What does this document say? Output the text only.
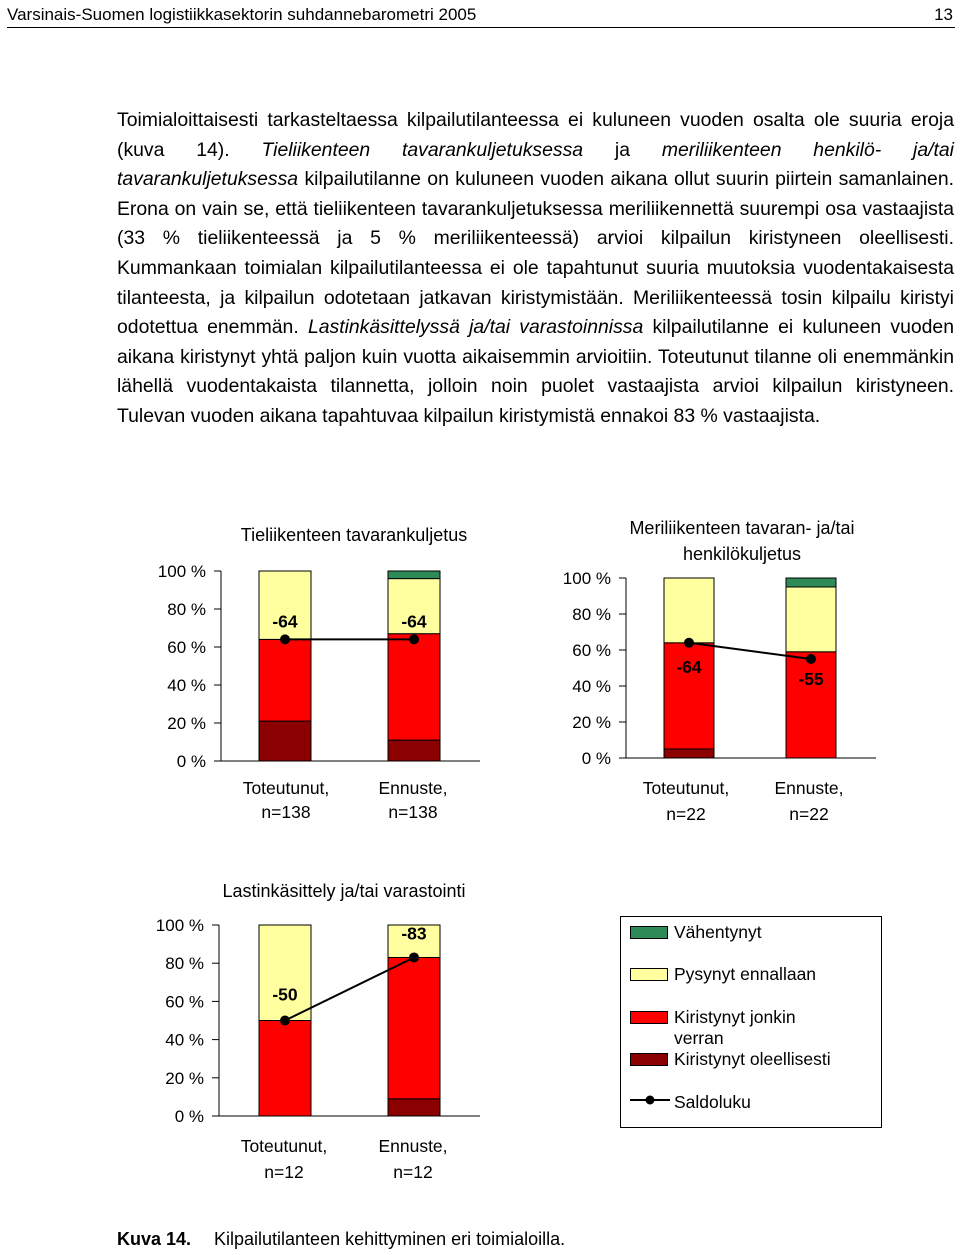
Varsinais-Suomen logistiikkasektorin suhdannebarometri 2005	13

Toimialoittaisesti tarkasteltaessa kilpailutilanteessa ei kuluneen vuoden osalta ole suuria eroja (kuva 14). Tieliikenteen tavarankuljetuksessa ja meriliikenteen henkilö- ja/tai tavarankuljetuksessa kilpailutilanne on kuluneen vuoden aikana ollut suurin piirtein samanlainen. Erona on vain se, että tieliikenteen tavarankuljetuksessa meriliikennettä suurempi osa vastaajista (33 % tieliikenteessä ja 5 % meriliikenteessä) arvioi kilpailun kiristyneen oleellisesti. Kummankaan toimialan kilpailutilanteessa ei ole tapahtunut suuria muutoksia vuodentakaisesta tilanteesta, ja kilpailun odotetaan jatkavan kiristymistään. Meriliikenteessä tosin kilpailu kiristyi odotettua enemmän. Lastinkäsittelyssä ja/tai varastoinnissa kilpailutilanne ei kuluneen vuoden aikana kiristynyt yhtä paljon kuin vuotta aikaisemmin arvioitiin. Toteutunut tilanne oli enemmänkin lähellä vuodentakaista tilannetta, jolloin noin puolet vastaajista arvioi kilpailun kiristyneen. Tulevan vuoden aikana tapahtuvaa kilpailun kiristymistä ennakoi 83 % vastaajista.

Tieliikenteen tavarankuljetus
0 %
20 %
40 %
60 %
80 %
100 %
Toteutunut,
n=138
Ennuste,
n=138
-64	-64
Meriliikenteen tavaran- ja/tai
henkilökuljetus
0 %
20 %
40 %
60 %
80 %
100 %
Toteutunut,
n=22
Ennuste,
n=22
-64
-55
Lastinkäsittely ja/tai varastointi
0 %
20 %
40 %
60 %
80 %
100 %
Toteutunut,
n=12
Ennuste,
n=12
-50
-83	Vähentynyt
Pysynyt ennallaan
Kiristynyt jonkin verran
Kiristynyt oleellisesti
Saldoluku
Kuva 14. Kilpailutilanteen kehittyminen eri toimialoilla.
